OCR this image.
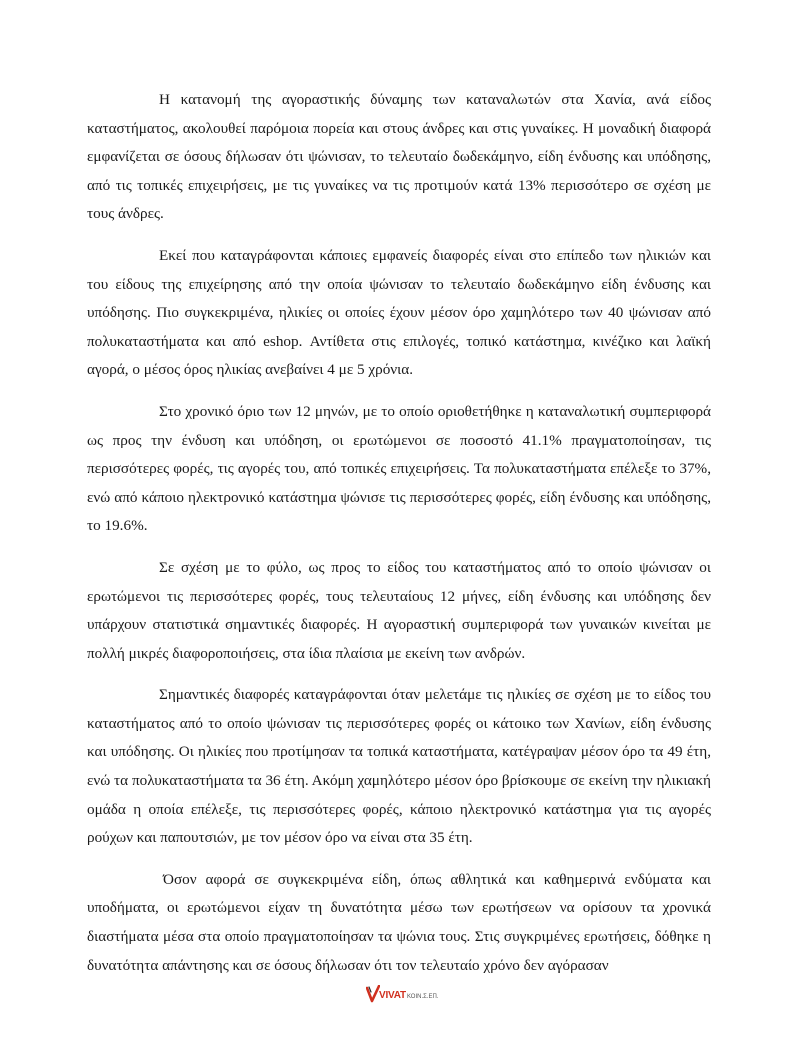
Η κατανομή της αγοραστικής δύναμης των καταναλωτών στα Χανία, ανά είδος καταστήματος, ακολουθεί παρόμοια πορεία και στους άνδρες και στις γυναίκες. Η μοναδική διαφορά εμφανίζεται σε όσους δήλωσαν ότι ψώνισαν, το τελευταίο δωδεκάμηνο, είδη ένδυσης και υπόδησης, από τις τοπικές επιχειρήσεις, με τις γυναίκες να τις προτιμούν κατά 13% περισσότερο σε σχέση με τους άνδρες.

Εκεί που καταγράφονται κάποιες εμφανείς διαφορές είναι στο επίπεδο των ηλικιών και του είδους της επιχείρησης από την οποία ψώνισαν το τελευταίο δωδεκάμηνο είδη ένδυσης και υπόδησης. Πιο συγκεκριμένα, ηλικίες οι οποίες έχουν μέσον όρο χαμηλότερο των 40 ψώνισαν από πολυκαταστήματα και από eshop. Αντίθετα στις επιλογές, τοπικό κατάστημα, κινέζικο και λαϊκή αγορά, ο μέσος όρος ηλικίας ανεβαίνει 4 με 5 χρόνια.

Στο χρονικό όριο των 12 μηνών, με το οποίο οριοθετήθηκε η καταναλωτική συμπεριφορά ως προς την ένδυση και υπόδηση, οι ερωτώμενοι σε ποσοστό 41.1% πραγματοποίησαν, τις περισσότερες φορές, τις αγορές του, από τοπικές επιχειρήσεις. Τα πολυκαταστήματα επέλεξε το 37%, ενώ από κάποιο ηλεκτρονικό κατάστημα ψώνισε τις περισσότερες φορές, είδη ένδυσης και υπόδησης, το 19.6%.

Σε σχέση με το φύλο, ως προς το είδος του καταστήματος από το οποίο ψώνισαν οι ερωτώμενοι τις περισσότερες φορές, τους τελευταίους 12 μήνες, είδη ένδυσης και υπόδησης δεν υπάρχουν στατιστικά σημαντικές διαφορές. Η αγοραστική συμπεριφορά των γυναικών κινείται με πολλή μικρές διαφοροποιήσεις, στα ίδια πλαίσια με εκείνη των ανδρών.

Σημαντικές διαφορές καταγράφονται όταν μελετάμε τις ηλικίες σε σχέση με το είδος του καταστήματος από το οποίο ψώνισαν τις περισσότερες φορές οι κάτοικο των Χανίων, είδη ένδυσης και υπόδησης. Οι ηλικίες που προτίμησαν τα τοπικά καταστήματα, κατέγραψαν μέσον όρο τα 49 έτη, ενώ τα πολυκαταστήματα τα 36 έτη. Ακόμη χαμηλότερο μέσον όρο βρίσκουμε σε εκείνη την ηλικιακή ομάδα η οποία επέλεξε, τις περισσότερες φορές, κάποιο ηλεκτρονικό κατάστημα για τις αγορές ρούχων και παπουτσιών, με τον μέσον όρο να είναι στα 35 έτη.

Όσον αφορά σε συγκεκριμένα είδη, όπως αθλητικά και καθημερινά ενδύματα και υποδήματα, οι ερωτώμενοι είχαν τη δυνατότητα μέσω των ερωτήσεων να ορίσουν τα χρονικά διαστήματα μέσα στα οποίο πραγματοποίησαν τα ψώνια τους. Στις συγκριμένες ερωτήσεις, δόθηκε η δυνατότητα απάντησης και σε όσους δήλωσαν ότι τον τελευταίο χρόνο δεν αγόρασαν

VIVAT ΚΟΙΝ.Σ.ΕΠ.
